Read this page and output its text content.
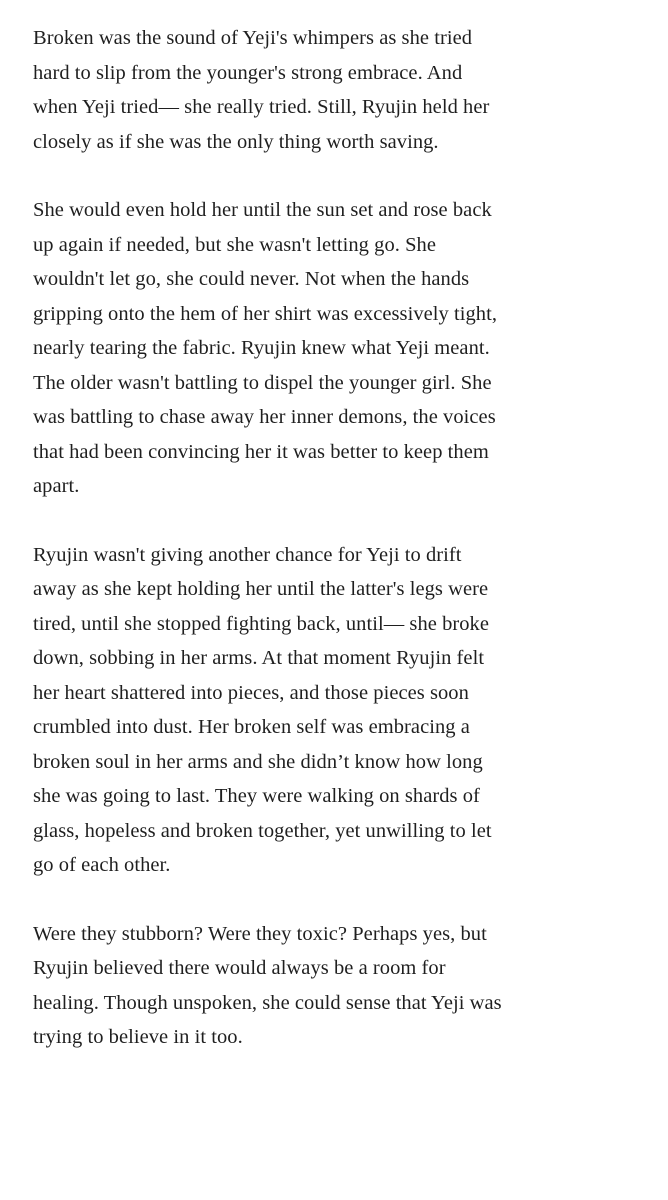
Broken was the sound of Yeji's whimpers as she tried
hard to slip from the younger's strong embrace. And
when Yeji tried— she really tried. Still, Ryujin held her
closely as if she was the only thing worth saving.

She would even hold her until the sun set and rose back
up again if needed, but she wasn't letting go. She
wouldn't let go, she could never. Not when the hands
gripping onto the hem of her shirt was excessively tight,
nearly tearing the fabric. Ryujin knew what Yeji meant.
The older wasn't battling to dispel the younger girl. She
was battling to chase away her inner demons, the voices
that had been convincing her it was better to keep them
apart.

Ryujin wasn't giving another chance for Yeji to drift
away as she kept holding her until the latter's legs were
tired, until she stopped fighting back, until— she broke
down, sobbing in her arms. At that moment Ryujin felt
her heart shattered into pieces, and those pieces soon
crumbled into dust. Her broken self was embracing a
broken soul in her arms and she didn’t know how long
she was going to last. They were walking on shards of
glass, hopeless and broken together, yet unwilling to let
go of each other.

Were they stubborn? Were they toxic? Perhaps yes, but
Ryujin believed there would always be a room for
healing. Though unspoken, she could sense that Yeji was
trying to believe in it too.
